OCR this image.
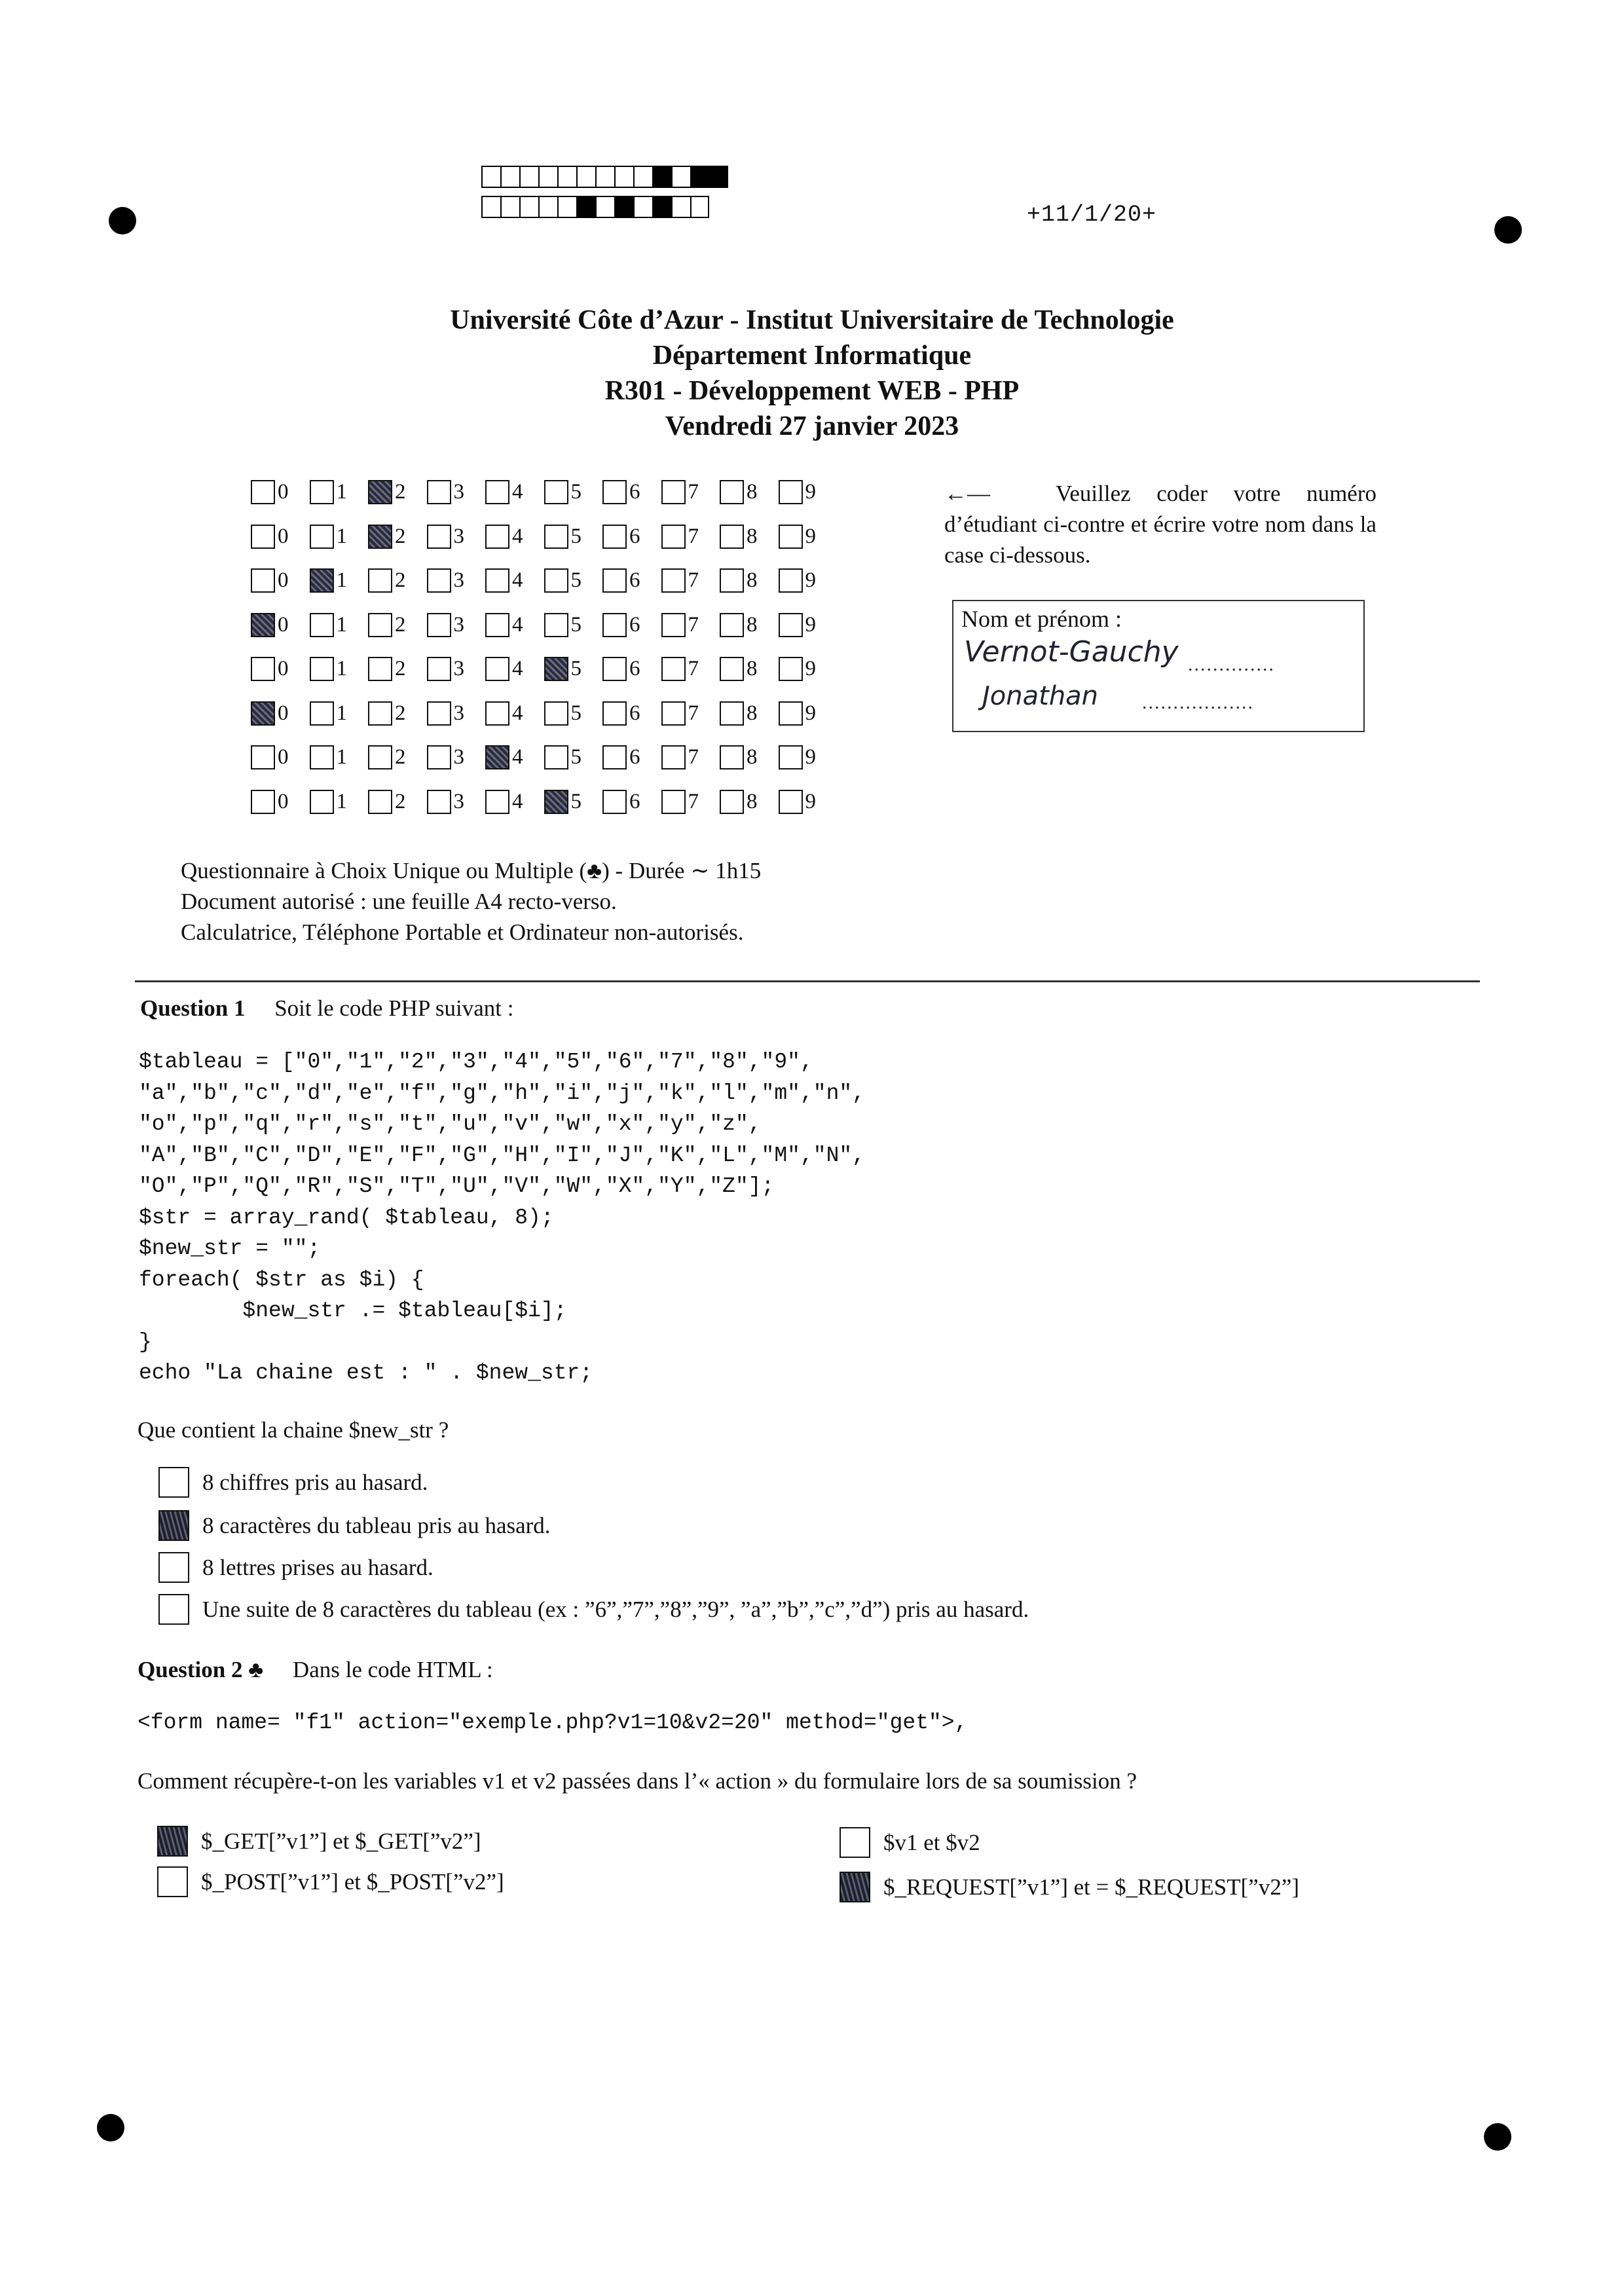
+11/1/20+
Université Côte d’Azur - Institut Universitaire de Technologie
Département Informatique
R301 - Développement WEB - PHP
Vendredi 27 janvier 2023
0 1 2 3 4 5 6 7 8 9
0 1 2 3 4 5 6 7 8 9
0 1 2 3 4 5 6 7 8 9
0 1 2 3 4 5 6 7 8 9
0 1 2 3 4 5 6 7 8 9
0 1 2 3 4 5 6 7 8 9
0 1 2 3 4 5 6 7 8 9
0 1 2 3 4 5 6 7 8 9
←—	Veuillez coder votre numéro d’étudiant ci-contre et écrire votre nom dans la case ci-dessous.
Nom et prénom :
Vernot-Gauchy ..............
Jonathan ..................
Questionnaire à Choix Unique ou Multiple (♣) - Durée ∼ 1h15
Document autorisé : une feuille A4 recto-verso.
Calculatrice, Téléphone Portable et Ordinateur non-autorisés.
Question 1 Soit le code PHP suivant :
$tableau = ["0","1","2","3","4","5","6","7","8","9",
"a","b","c","d","e","f","g","h","i","j","k","l","m","n",
"o","p","q","r","s","t","u","v","w","x","y","z",
"A","B","C","D","E","F","G","H","I","J","K","L","M","N",
"O","P","Q","R","S","T","U","V","W","X","Y","Z"];
$str = array_rand( $tableau, 8);
$new_str = "";
foreach( $str as $i) {
$new_str .= $tableau[$i];
}
echo "La chaine est : " . $new_str;
Que contient la chaine $new_str ?
8 chiffres pris au hasard.
8 caractères du tableau pris au hasard.
8 lettres prises au hasard.
Une suite de 8 caractères du tableau (ex : ”6”,”7”,”8”,”9”, ”a”,”b”,”c”,”d”) pris au hasard.
Question 2 ♣ Dans le code HTML :
<form name= "f1" action="exemple.php?v1=10&v2=20" method="get">,
Comment récupère-t-on les variables v1 et v2 passées dans l’« action » du formulaire lors de sa soumission ?
$_GET[”v1”] et $_GET[”v2”]
$_POST[”v1”] et $_POST[”v2”]
$v1 et $v2
$_REQUEST[”v1”] et = $_REQUEST[”v2”]
